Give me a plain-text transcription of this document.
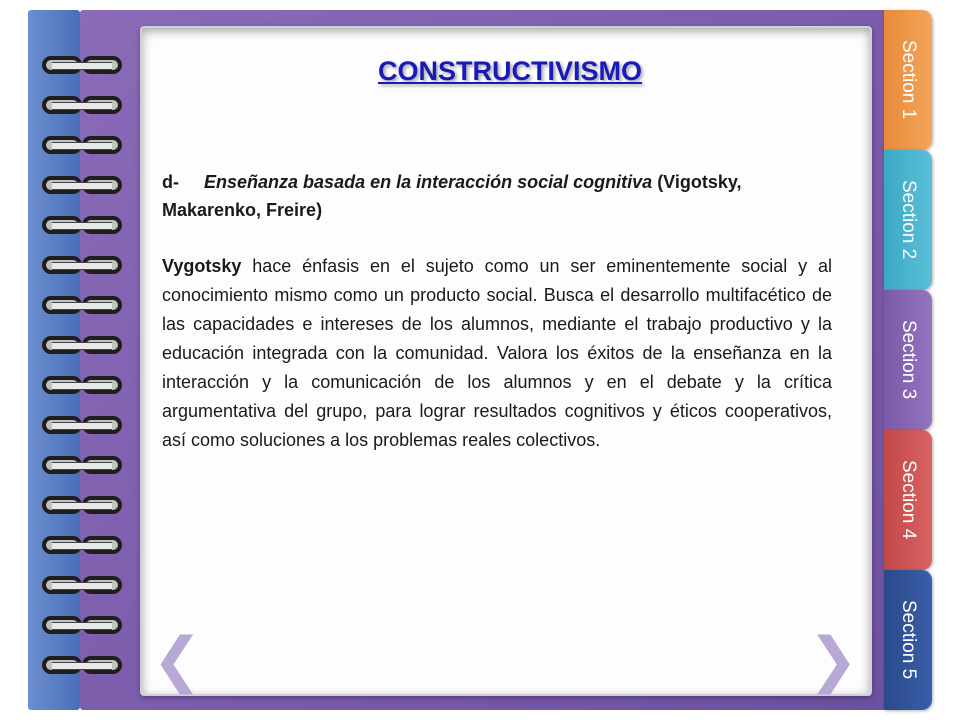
CONSTRUCTIVISMO
d- Enseñanza basada en la interacción social cognitiva (Vigotsky, Makarenko, Freire)
Vygotsky hace énfasis en el sujeto como un ser eminentemente social y al conocimiento mismo como un producto social. Busca el desarrollo multifacético de las capacidades e intereses de los alumnos, mediante el trabajo productivo y la educación integrada con la comunidad. Valora los éxitos de la enseñanza en la interacción y la comunicación de los alumnos y en el debate y la crítica argumentativa del grupo, para lograr resultados cognitivos y éticos cooperativos, así como soluciones a los problemas reales colectivos.
Section 1
Section 2
Section 3
Section 4
Section 5
❮	❯
